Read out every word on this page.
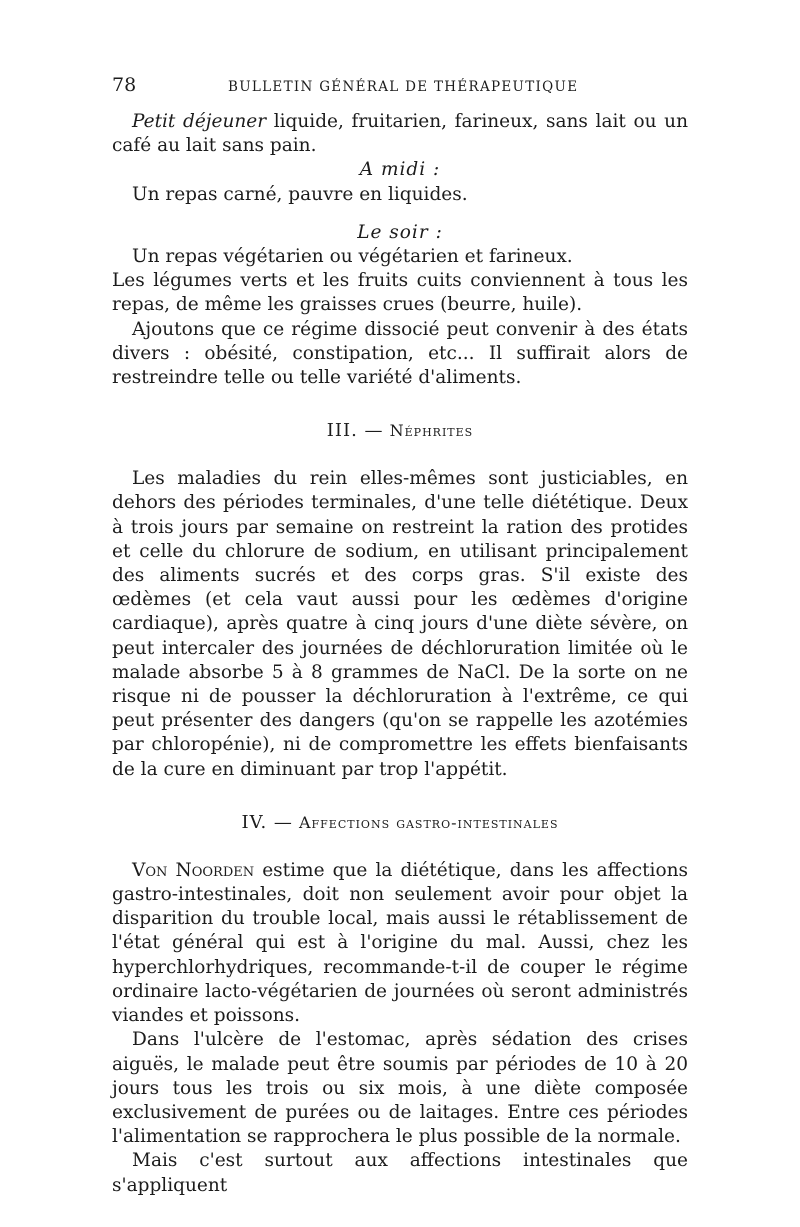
78	BULLETIN GÉNÉRAL DE THÉRAPEUTIQUE

Petit déjeuner liquide, fruitarien, farineux, sans lait ou un café au lait sans pain.

A midi :

Un repas carné, pauvre en liquides.

Le soir :

Un repas végétarien ou végétarien et farineux.

Les légumes verts et les fruits cuits conviennent à tous les repas, de même les graisses crues (beurre, huile).

Ajoutons que ce régime dissocié peut convenir à des états divers : obésité, constipation, etc... Il suffirait alors de restreindre telle ou telle variété d'aliments.

III. — Néphrites

Les maladies du rein elles-mêmes sont justiciables, en dehors des périodes terminales, d'une telle diététique. Deux à trois jours par semaine on restreint la ration des protides et celle du chlorure de sodium, en utilisant principalement des aliments sucrés et des corps gras. S'il existe des œdèmes (et cela vaut aussi pour les œdèmes d'origine cardiaque), après quatre à cinq jours d'une diète sévère, on peut intercaler des journées de déchloruration limitée où le malade absorbe 5 à 8 grammes de NaCl. De la sorte on ne risque ni de pousser la déchloruration à l'extrême, ce qui peut présenter des dangers (qu'on se rappelle les azotémies par chloropénie), ni de compromettre les effets bienfaisants de la cure en diminuant par trop l'appétit.

IV. — Affections gastro-intestinales

Von Noorden estime que la diététique, dans les affections gastro-intestinales, doit non seulement avoir pour objet la disparition du trouble local, mais aussi le rétablissement de l'état général qui est à l'origine du mal. Aussi, chez les hyperchlorhydriques, recommande-t-il de couper le régime ordinaire lacto-végétarien de journées où seront administrés viandes et poissons.

Dans l'ulcère de l'estomac, après sédation des crises aiguës, le malade peut être soumis par périodes de 10 à 20 jours tous les trois ou six mois, à une diète composée exclusivement de purées ou de laitages. Entre ces périodes l'alimentation se rapprochera le plus possible de la normale.

Mais c'est surtout aux affections intestinales que s'appliquent
